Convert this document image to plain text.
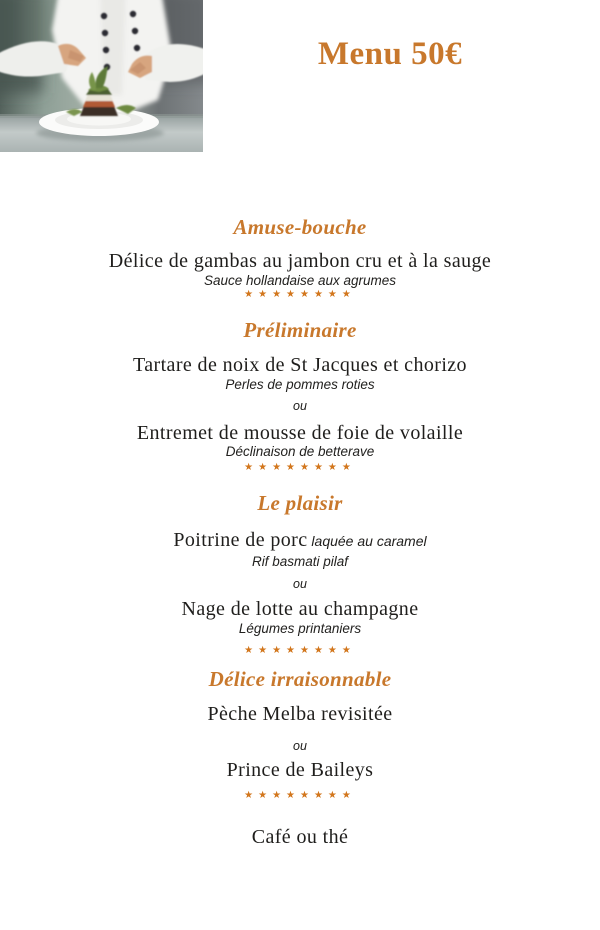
Menu 50€
Amuse-bouche
Délice de gambas au jambon cru et à la sauge
Sauce hollandaise aux agrumes
★★★★★★★★
Préliminaire
Tartare de noix de St Jacques et chorizo
Perles de pommes roties
ou
Entremet de mousse de foie de volaille
Déclinaison de betterave
★★★★★★★★
Le plaisir
Poitrine de porc laquée au caramel
Rif basmati pilaf
ou
Nage de lotte au champagne
Légumes printaniers
★★★★★★★★
Délice irraisonnable
Pèche Melba revisitée
ou
Prince de Baileys
★★★★★★★★
Café ou thé
